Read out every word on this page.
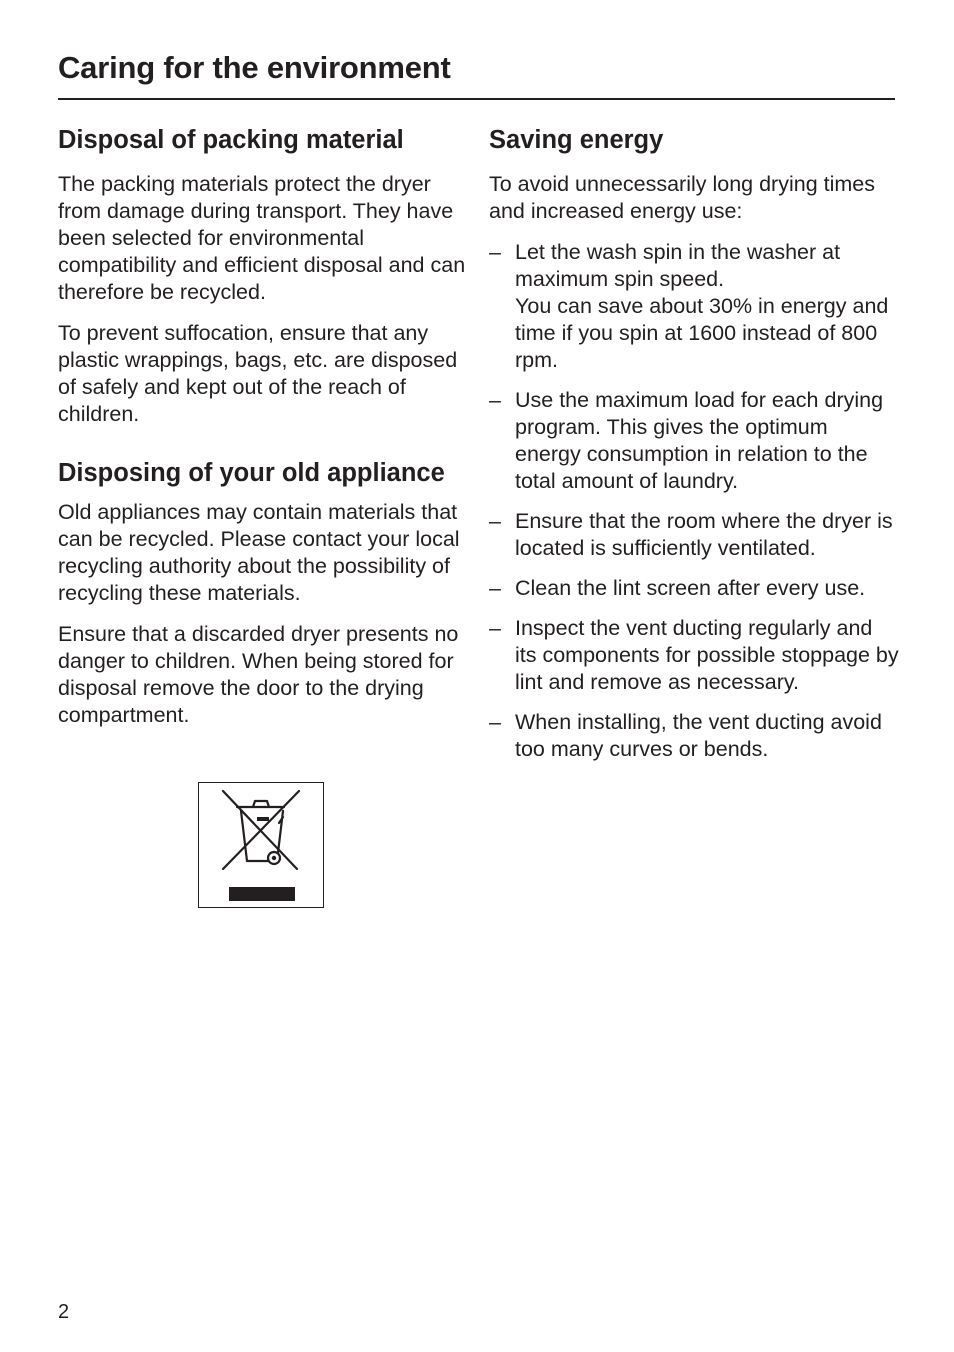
Caring for the environment
Disposal of packing material

The packing materials protect the dryer from damage during transport. They have been selected for environmental compatibility and efficient disposal and can therefore be recycled.

To prevent suffocation, ensure that any plastic wrappings, bags, etc. are disposed of safely and kept out of the reach of children.

Disposing of your old appliance

Old appliances may contain materials that can be recycled. Please contact your local recycling authority about the possibility of recycling these materials.

Ensure that a discarded dryer presents no danger to children. When being stored for disposal remove the door to the drying compartment.

Saving energy

To avoid unnecessarily long drying times and increased energy use:

– Let the wash spin in the washer at maximum spin speed.
You can save about 30% in energy and time if you spin at 1600 instead of 800 rpm.
– Use the maximum load for each drying program. This gives the optimum energy consumption in relation to the total amount of laundry.
– Ensure that the room where the dryer is located is sufficiently ventilated.
– Clean the lint screen after every use.
– Inspect the vent ducting regularly and its components for possible stoppage by lint and remove as necessary.
– When installing, the vent ducting avoid too many curves or bends.
2
